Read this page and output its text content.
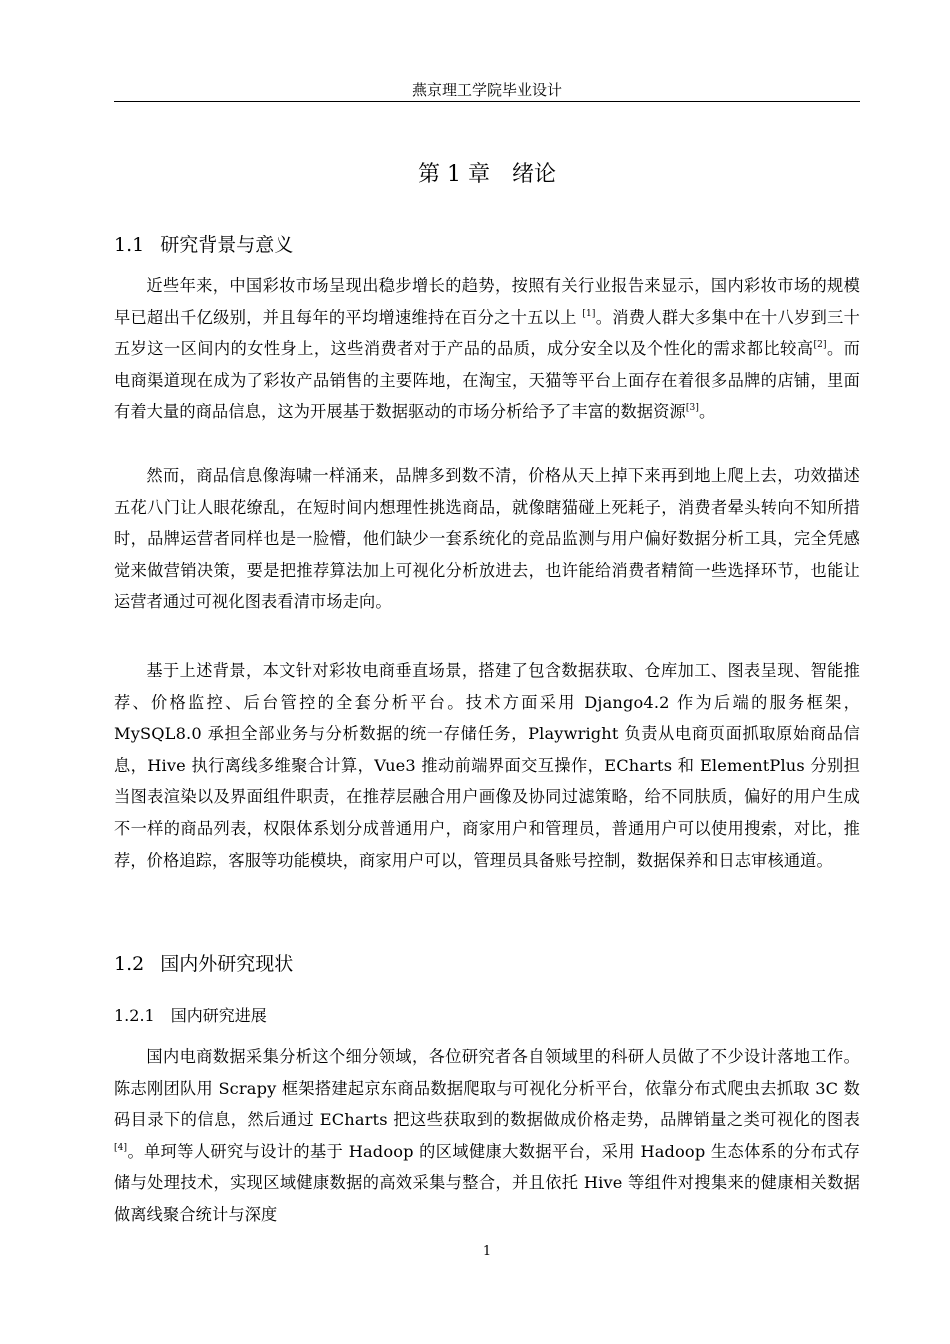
燕京理工学院毕业设计
第 1 章　绪论
1.1 研究背景与意义

近些年来，中国彩妆市场呈现出稳步增长的趋势，按照有关行业报告来显示，国内彩妆市场的规模早已超出千亿级别，并且每年的平均增速维持在百分之十五以上 [1]。消费人群大多集中在十八岁到三十五岁这一区间内的女性身上，这些消费者对于产品的品质，成分安全以及个性化的需求都比较高[2]。而电商渠道现在成为了彩妆产品销售的主要阵地，在淘宝，天猫等平台上面存在着很多品牌的店铺，里面有着大量的商品信息，这为开展基于数据驱动的市场分析给予了丰富的数据资源[3]。

然而，商品信息像海啸一样涌来，品牌多到数不清，价格从天上掉下来再到地上爬上去，功效描述五花八门让人眼花缭乱，在短时间内想理性挑选商品，就像瞎猫碰上死耗子，消费者晕头转向不知所措时，品牌运营者同样也是一脸懵，他们缺少一套系统化的竞品监测与用户偏好数据分析工具，完全凭感觉来做营销决策，要是把推荐算法加上可视化分析放进去，也许能给消费者精简一些选择环节，也能让运营者通过可视化图表看清市场走向。

基于上述背景，本文针对彩妆电商垂直场景，搭建了包含数据获取、仓库加工、图表呈现、智能推荐、价格监控、后台管控的全套分析平台。技术方面采用 Django4.2 作为后端的服务框架，MySQL8.0 承担全部业务与分析数据的统一存储任务，Playwright 负责从电商页面抓取原始商品信息，Hive 执行离线多维聚合计算，Vue3 推动前端界面交互操作，ECharts 和 ElementPlus 分别担当图表渲染以及界面组件职责，在推荐层融合用户画像及协同过滤策略，给不同肤质，偏好的用户生成不一样的商品列表，权限体系划分成普通用户，商家用户和管理员，普通用户可以使用搜索，对比，推荐，价格追踪，客服等功能模块，商家用户可以，管理员具备账号控制，数据保养和日志审核通道。

1.2 国内外研究现状
1.2.1 国内研究进展

国内电商数据采集分析这个细分领域，各位研究者各自领域里的科研人员做了不少设计落地工作。陈志刚团队用 Scrapy 框架搭建起京东商品数据爬取与可视化分析平台，依靠分布式爬虫去抓取 3C 数码目录下的信息，然后通过 ECharts 把这些获取到的数据做成价格走势，品牌销量之类可视化的图表[4]。单珂等人研究与设计的基于 Hadoop 的区域健康大数据平台，采用 Hadoop 生态体系的分布式存储与处理技术，实现区域健康数据的高效采集与整合，并且依托 Hive 等组件对搜集来的健康相关数据做离线聚合统计与深度

1
